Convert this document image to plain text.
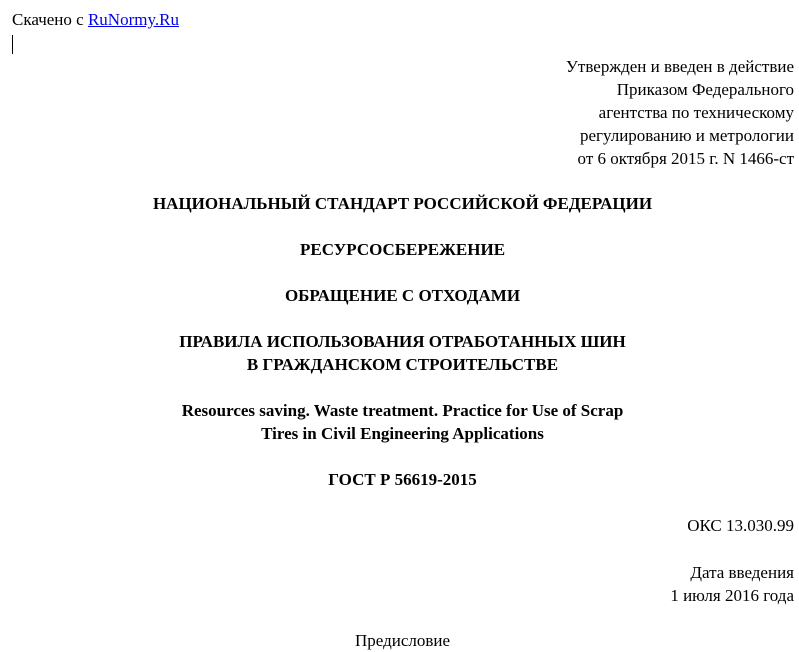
Скачено с RuNormy.Ru
Утвержден и введен в действие
Приказом Федерального
агентства по техническому
регулированию и метрологии
от 6 октября 2015 г. N 1466-ст
НАЦИОНАЛЬНЫЙ СТАНДАРТ РОССИЙСКОЙ ФЕДЕРАЦИИ
РЕСУРСОСБЕРЕЖЕНИЕ
ОБРАЩЕНИЕ С ОТХОДАМИ
ПРАВИЛА ИСПОЛЬЗОВАНИЯ ОТРАБОТАННЫХ ШИН
В ГРАЖДАНСКОМ СТРОИТЕЛЬСТВЕ
Resources saving. Waste treatment. Practice for Use of Scrap
Tires in Civil Engineering Applications
ГОСТ Р 56619-2015
ОКС 13.030.99
Дата введения
1 июля 2016 года
Предисловие
